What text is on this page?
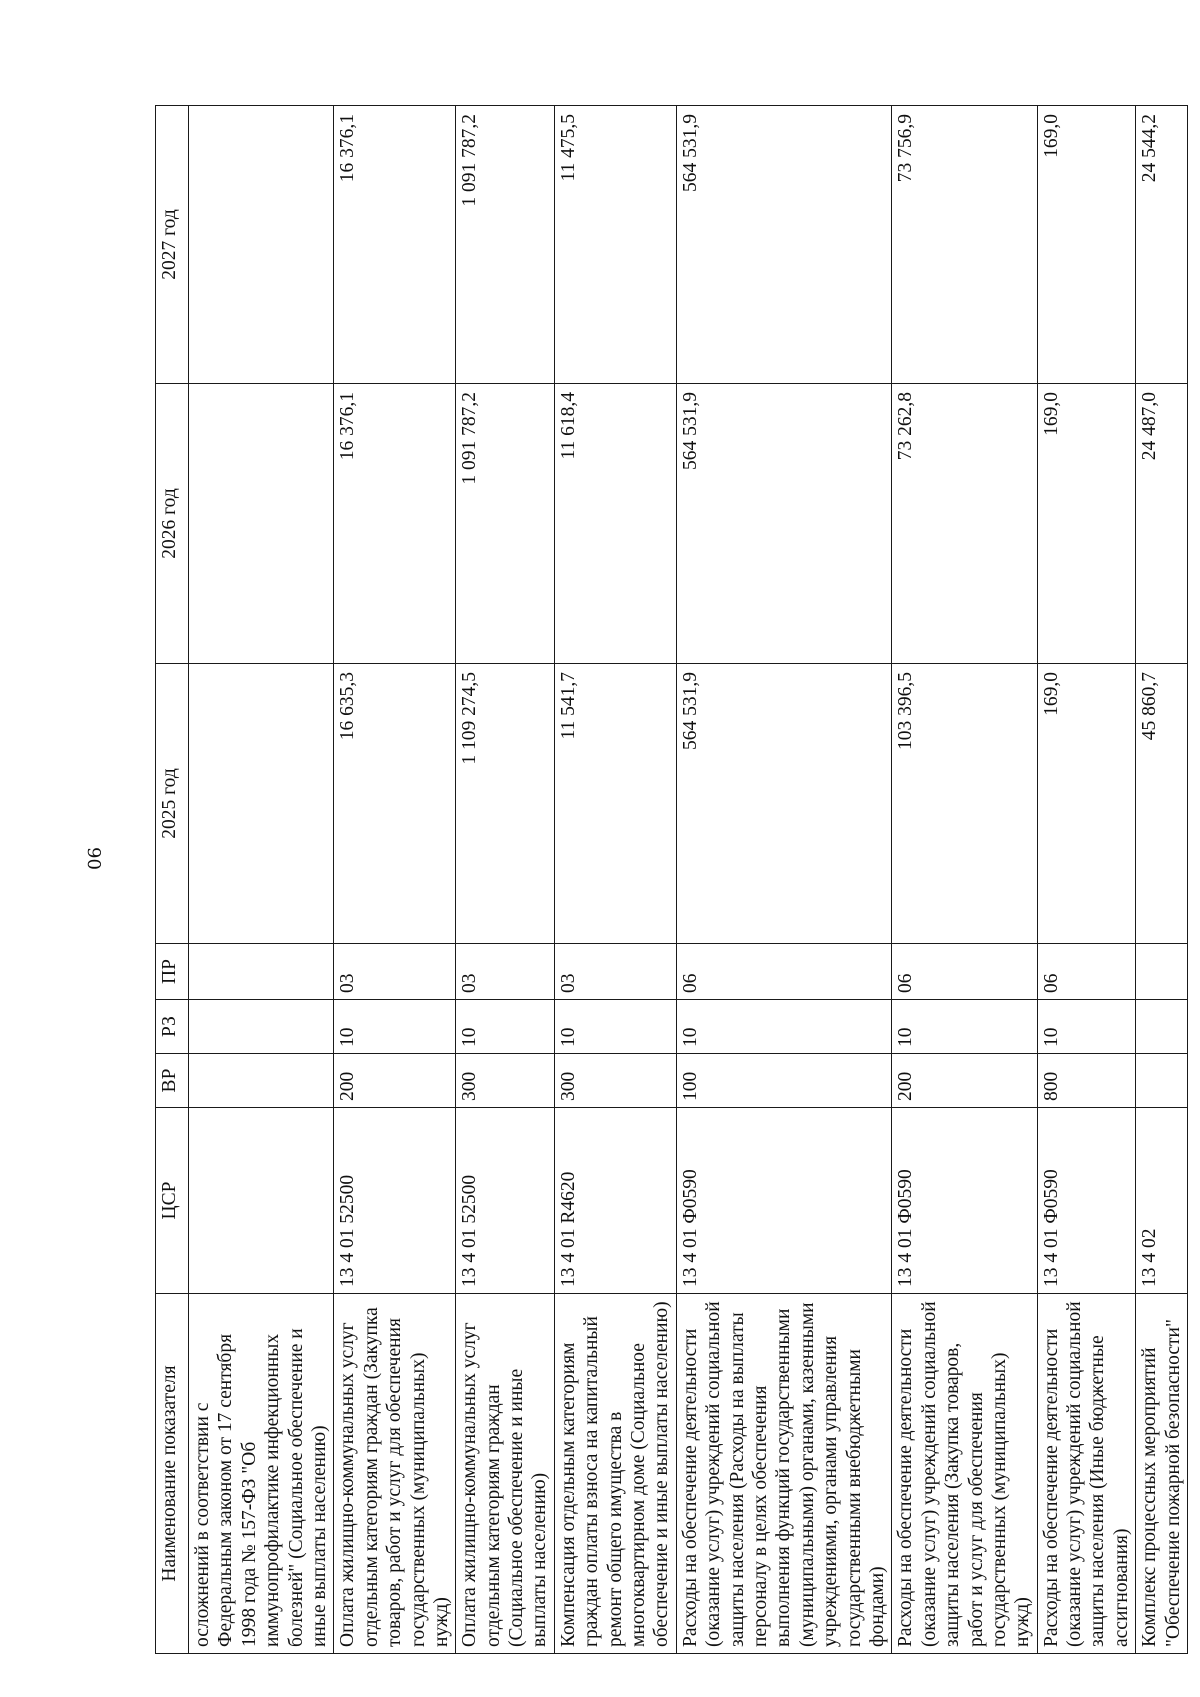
90
Наименование показателя	ЦСР	ВР	РЗ	ПР	2025 год	2026 год	2027 год
осложнений в соответствии с Федеральным законом от 17 сентября 1998 года № 157-ФЗ "Об иммунопрофилактике инфекционных болезней" (Социальное обеспечение и иные выплаты населению)							
Оплата жилищно-коммунальных услуг отдельным категориям граждан (Закупка товаров, работ и услуг для обеспечения государственных (муниципальных) нужд)	13 4 01 52500	200	10	03	16 635,3	16 376,1	16 376,1
Оплата жилищно-коммунальных услуг отдельным категориям граждан (Социальное обеспечение и иные выплаты населению)	13 4 01 52500	300	10	03	1 109 274,5	1 091 787,2	1 091 787,2
Компенсация отдельным категориям граждан оплаты взноса на капитальный ремонт общего имущества в многоквартирном доме (Социальное обеспечение и иные выплаты населению)	13 4 01 R4620	300	10	03	11 541,7	11 618,4	11 475,5
Расходы на обеспечение деятельности (оказание услуг) учреждений социальной защиты населения (Расходы на выплаты персоналу в целях обеспечения выполнения функций государственными (муниципальными) органами, казенными учреждениями, органами управления государственными внебюджетными фондами)	13 4 01 Ф0590	100	10	06	564 531,9	564 531,9	564 531,9
Расходы на обеспечение деятельности (оказание услуг) учреждений социальной защиты населения (Закупка товаров, работ и услуг для обеспечения государственных (муниципальных) нужд)	13 4 01 Ф0590	200	10	06	103 396,5	73 262,8	73 756,9
Расходы на обеспечение деятельности (оказание услуг) учреждений социальной защиты населения (Иные бюджетные ассигнования)	13 4 01 Ф0590	800	10	06	169,0	169,0	169,0
Комплекс процессных мероприятий "Обеспечение пожарной безопасности"	13 4 02				45 860,7	24 487,0	24 544,2
